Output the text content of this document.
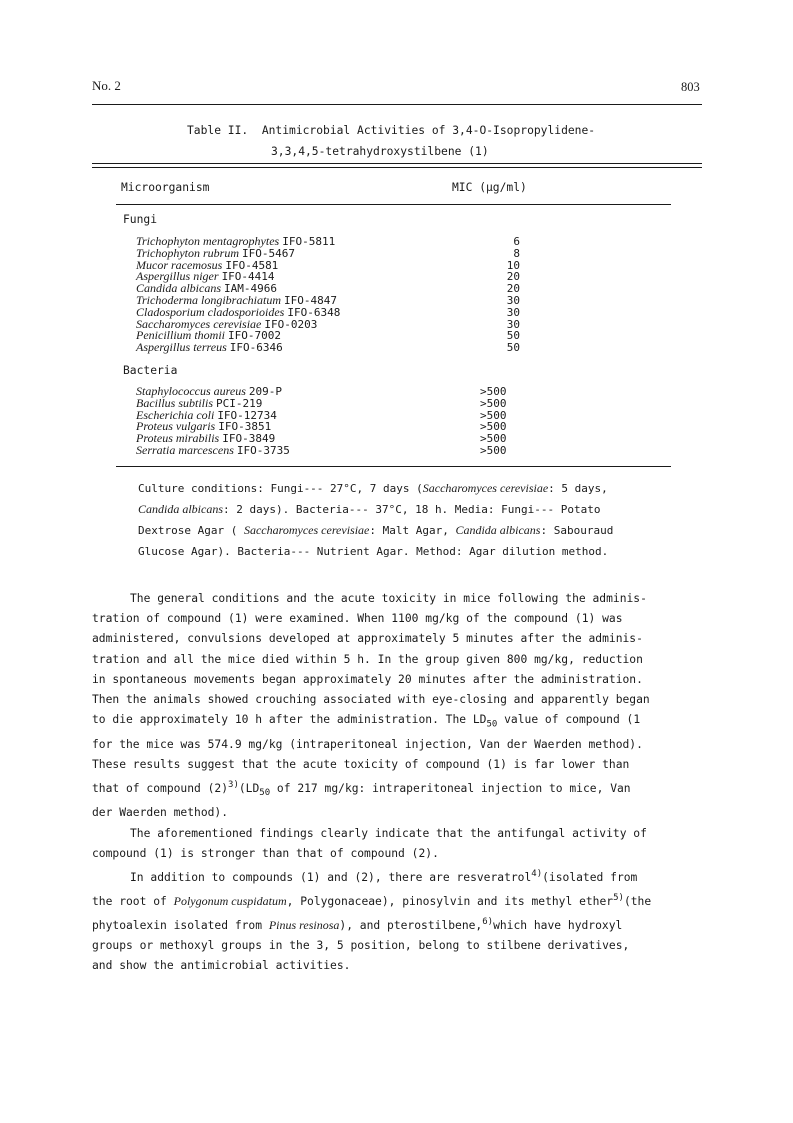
No. 2	803
Table II.  Antimicrobial Activities of 3,4-O-Isopropylidene-
3,3,4,5-tetrahydroxystilbene (1)
Microorganism	MIC (μg/ml)
Fungi
Trichophyton mentagrophytes IFO-5811	6
Trichophyton rubrum IFO-5467	8
Mucor racemosus IFO-4581	10
Aspergillus niger IFO-4414	20
Candida albicans IAM-4966	20
Trichoderma longibrachiatum IFO-4847	30
Cladosporium cladosporioides IFO-6348	30
Saccharomyces cerevisiae IFO-0203	30
Penicillium thomii IFO-7002	50
Aspergillus terreus IFO-6346	50
Bacteria
Staphylococcus aureus 209-P	>500
Bacillus subtilis PCI-219	>500
Escherichia coli IFO-12734	>500
Proteus vulgaris IFO-3851	>500
Proteus mirabilis IFO-3849	>500
Serratia marcescens IFO-3735	>500

Culture conditions: Fungi--- 27°C, 7 days (Saccharomyces cerevisiae: 5 days,

Candida albicans: 2 days). Bacteria--- 37°C, 18 h. Media: Fungi--- Potato

Dextrose Agar ( Saccharomyces cerevisiae: Malt Agar, Candida albicans: Sabouraud

Glucose Agar). Bacteria--- Nutrient Agar. Method: Agar dilution method.

The general conditions and the acute toxicity in mice following the adminis-

tration of compound (1) were examined. When 1100 mg/kg of the compound (1) was

administered, convulsions developed at approximately 5 minutes after the adminis-

tration and all the mice died within 5 h. In the group given 800 mg/kg, reduction

in spontaneous movements began approximately 20 minutes after the administration.

Then the animals showed crouching associated with eye-closing and apparently began

to die approximately 10 h after the administration. The $LD_{50}$ value of compound (1

for the mice was 574.9 mg/kg (intraperitoneal injection, Van der Waerden method).

These results suggest that the acute toxicity of compound (1) is far lower than

that of compound $(2)^{3)}(LD_{50}$ of 217 mg/kg: intraperitoneal injection to mice, Van

der Waerden method).

The aforementioned findings clearly indicate that the antifungal activity of

compound (1) is stronger than that of compound (2).

In addition to compounds (1) and (2), there are resveratrol$^{4)}$(isolated from

the root of Polygonum cuspidatum, Polygonaceae), pinosylvin and its methyl ether$^{5)}$(the

phytoalexin isolated from Pinus resinosa), and pterostilbene,$^{6)}$which have hydroxyl

groups or methoxyl groups in the 3, 5 position, belong to stilbene derivatives,

and show the antimicrobial activities.
